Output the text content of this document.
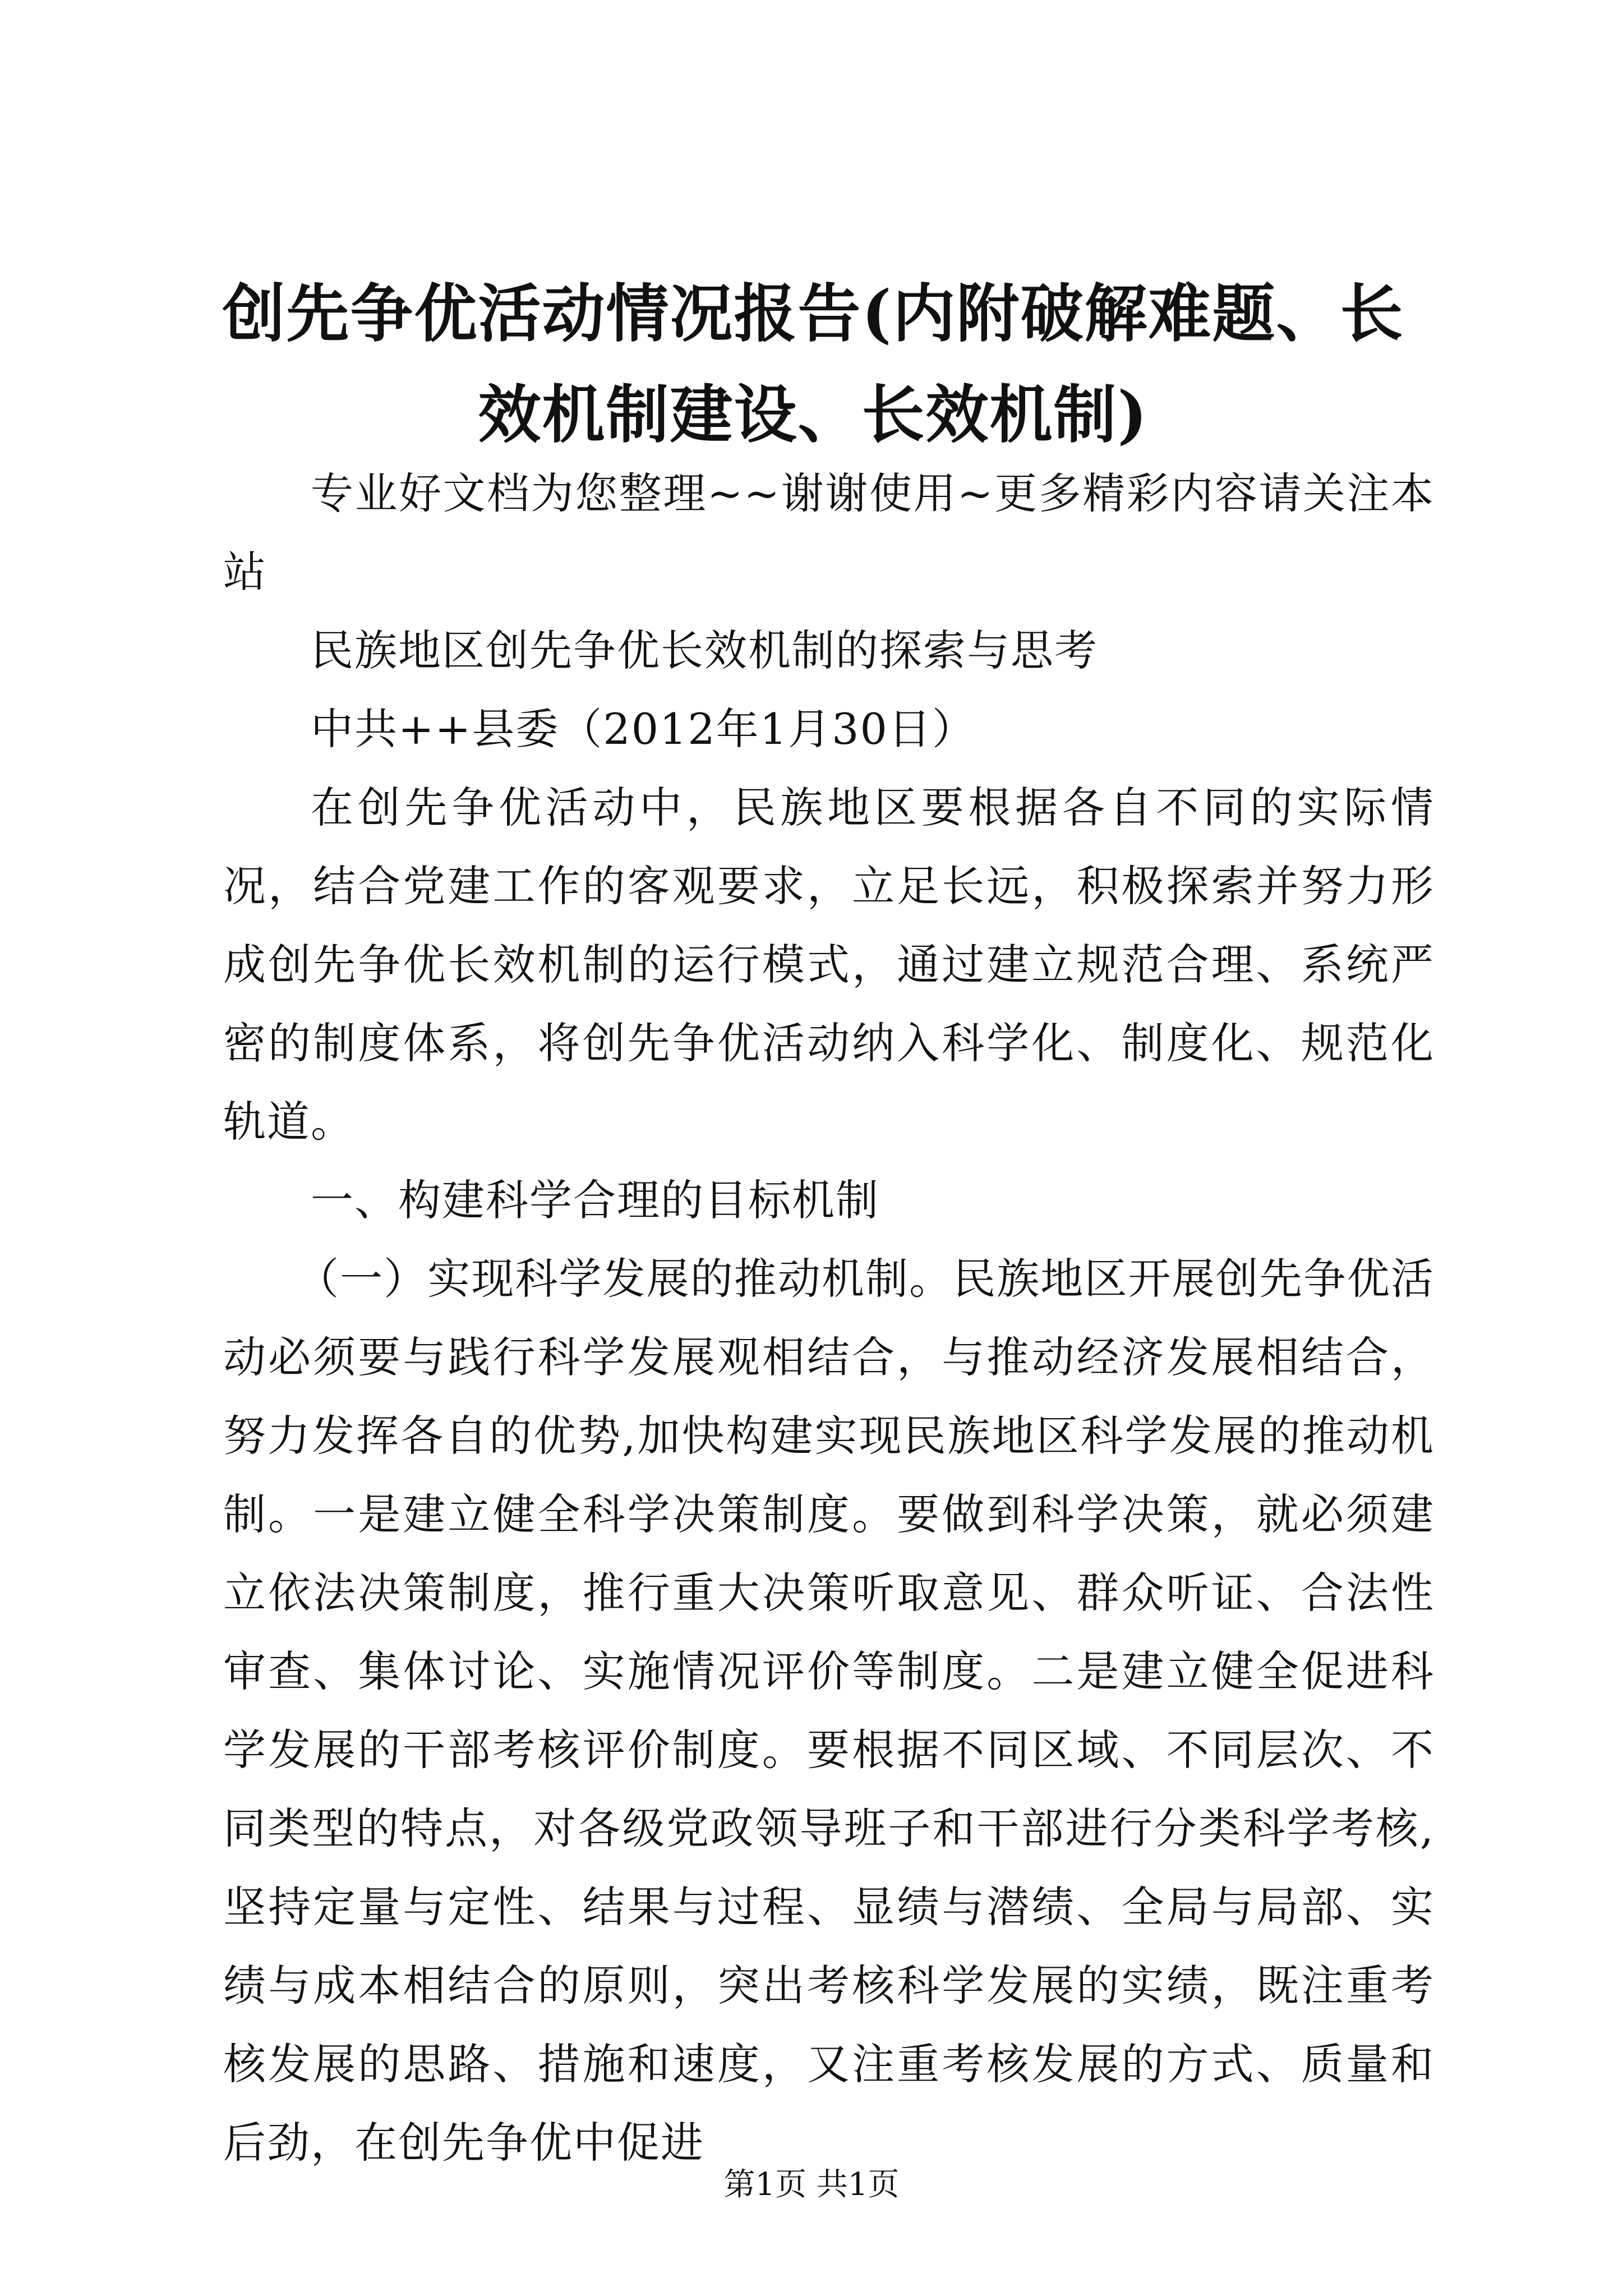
创先争优活动情况报告(内附破解难题、长效机制建设、长效机制)

专业好文档为您整理~~谢谢使用~更多精彩内容请关注本站

民族地区创先争优长效机制的探索与思考

中共++县委（2012年1月30日）

在创先争优活动中，民族地区要根据各自不同的实际情况，结合党建工作的客观要求，立足长远，积极探索并努力形成创先争优长效机制的运行模式，通过建立规范合理、系统严密的制度体系，将创先争优活动纳入科学化、制度化、规范化轨道。

一、构建科学合理的目标机制

（一）实现科学发展的推动机制。民族地区开展创先争优活动必须要与践行科学发展观相结合，与推动经济发展相结合，努力发挥各自的优势,加快构建实现民族地区科学发展的推动机制。一是建立健全科学决策制度。要做到科学决策，就必须建立依法决策制度，推行重大决策听取意见、群众听证、合法性审查、集体讨论、实施情况评价等制度。二是建立健全促进科学发展的干部考核评价制度。要根据不同区域、不同层次、不同类型的特点，对各级党政领导班子和干部进行分类科学考核,坚持定量与定性、结果与过程、显绩与潜绩、全局与局部、实绩与成本相结合的原则，突出考核科学发展的实绩，既注重考核发展的思路、措施和速度，又注重考核发展的方式、质量和后劲，在创先争优中促进

第1页 共1页
